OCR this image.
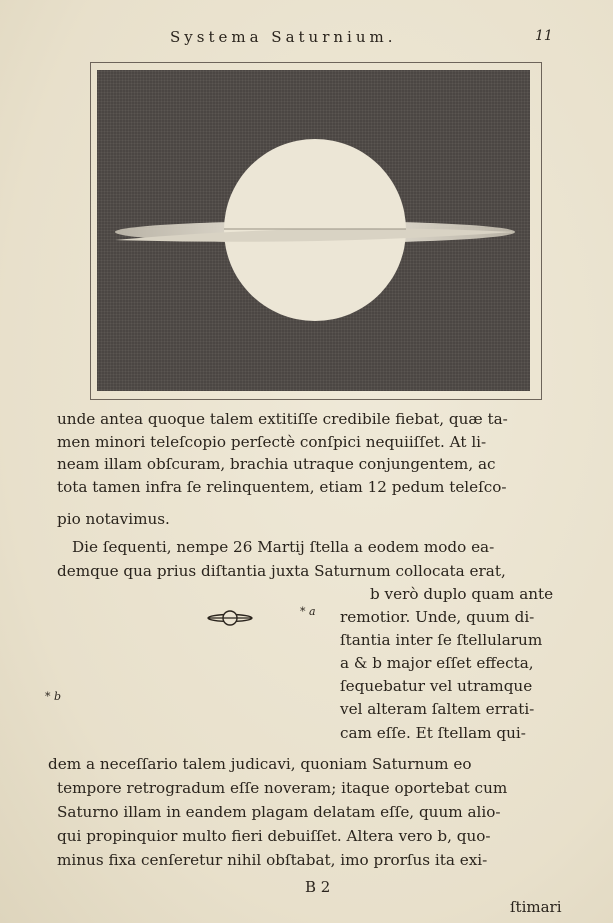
Systema Saturnium.	11
unde antea quoque talem extitiſſe credibile fiebat, quæ ta-
men minori teleſcopio perſectè conſpici nequiiſſet. At li-
neam illam obſcuram, brachia utraque conjungentem, ac
tota tamen infra ſe relinquentem, etiam 12 pedum teleſco-
pio notavimus.
Die ſequenti, nempe 26 Martij ſtella a eodem modo ea-
demque qua prius diſtantia juxta Saturnum collocata erat,
b verò duplo quam ante
remotior. Unde, quum di-
ſtantia inter ſe ſtellularum
a & b major eſſet effecta,
ſequebatur vel utramque
vel alteram ſaltem errati-
cam eſſe. Et ſtellam qui-
dem a neceſſario talem judicavi, quoniam Saturnum eo
tempore retrogradum eſſe noveram; itaque oportebat cum
Saturno illam in eandem plagam delatam eſſe, quum alio-
qui propinquior multo fieri debuiſſet. Altera vero b, quo-
minus fixa cenſeretur nihil obſtabat, imo prorſus ita exi-
* a
* b
B 2
ſtimari
